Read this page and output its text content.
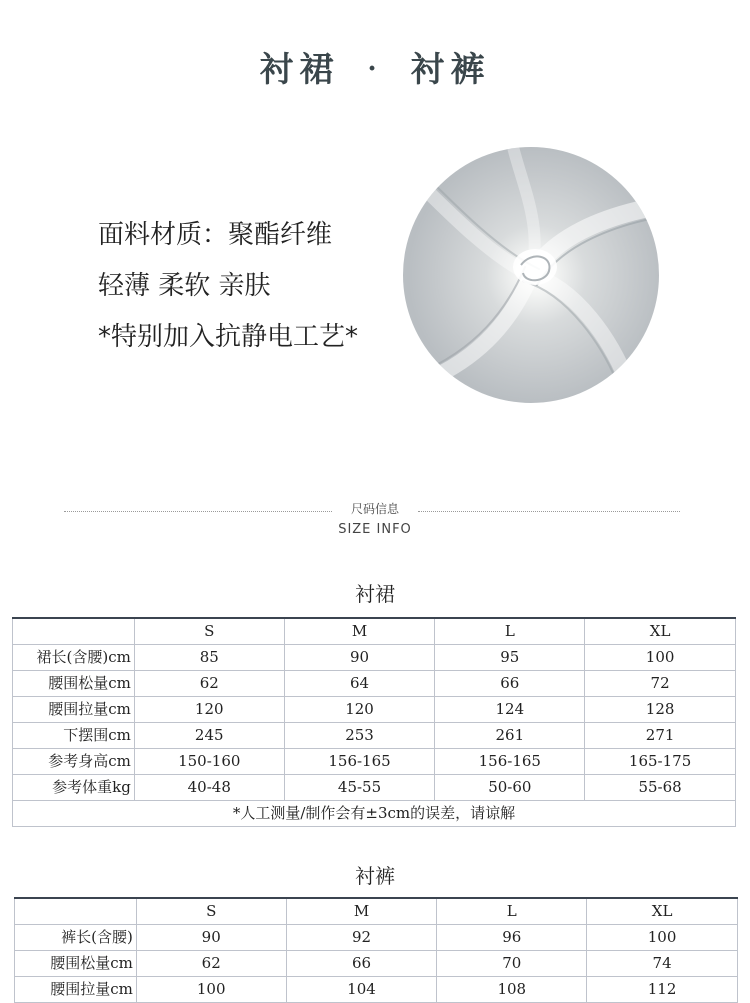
衬裙 · 衬裤
面料材质：聚酯纤维
轻薄 柔软 亲肤
*特别加入抗静电工艺*
尺码信息
SIZE INFO
衬裙
	S	M	L	XL
裙长(含腰)cm	85	90	95	100
腰围松量cm	62	64	66	72
腰围拉量cm	120	120	124	128
下摆围cm	245	253	261	271
参考身高cm	150-160	156-165	156-165	165-175
参考体重kg	40-48	45-55	50-60	55-68
*人工测量/制作会有±3cm的误差，请谅解				
衬裤
	S	M	L	XL
裤长(含腰)	90	92	96	100
腰围松量cm	62	66	70	74
腰围拉量cm	100	104	108	112
